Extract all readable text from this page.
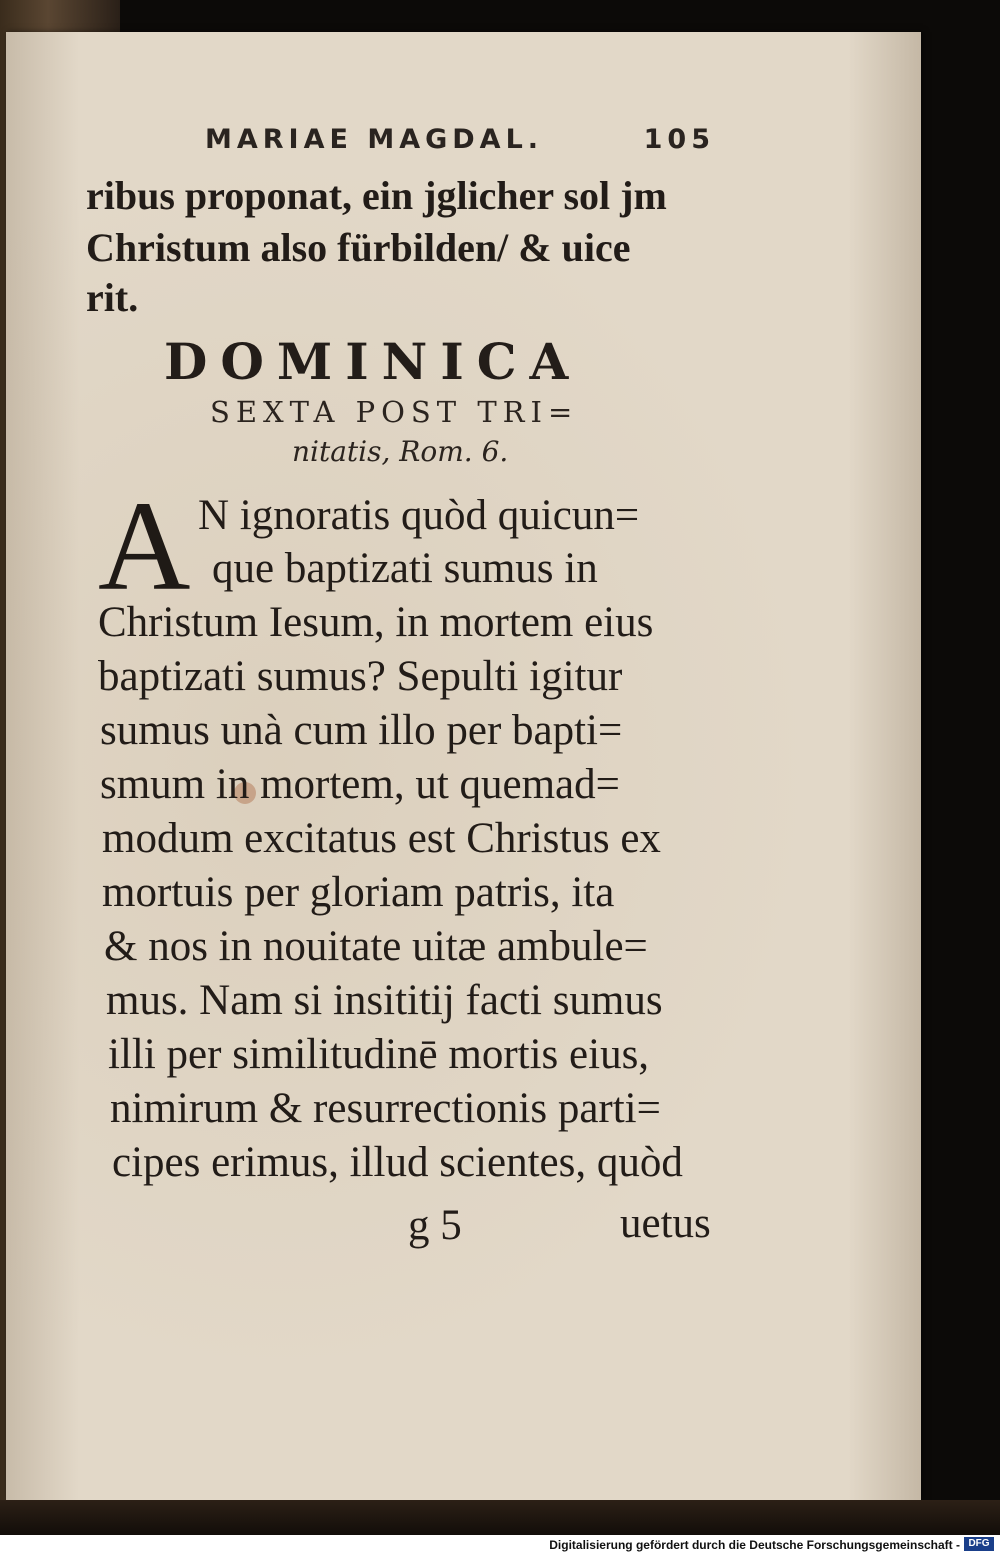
MARIAE MAGDAL.	105
ribus proponat, ein jglicher sol jm
Christum also fürbilden/ & uice
rit.
DOMINICA
SEXTA POST TRI=
nitatis, Rom. 6.
A N ignoratis quòd quicun=
que baptizati sumus in
Christum Iesum, in mortem eius
baptizati sumus? Sepulti igitur
sumus unà cum illo per bapti=
smum in mortem, ut quemad=
modum excitatus est Christus ex
mortuis per gloriam patris, ita
& nos in nouitate uitæ ambule=
mus. Nam si insititij facti sumus
illi per similitudinē mortis eius,
nimirum & resurrectionis parti=
cipes erimus, illud scientes, quòd
g 5	uetus
Digitalisierung gefördert durch die Deutsche Forschungsgemeinschaft - DFG
